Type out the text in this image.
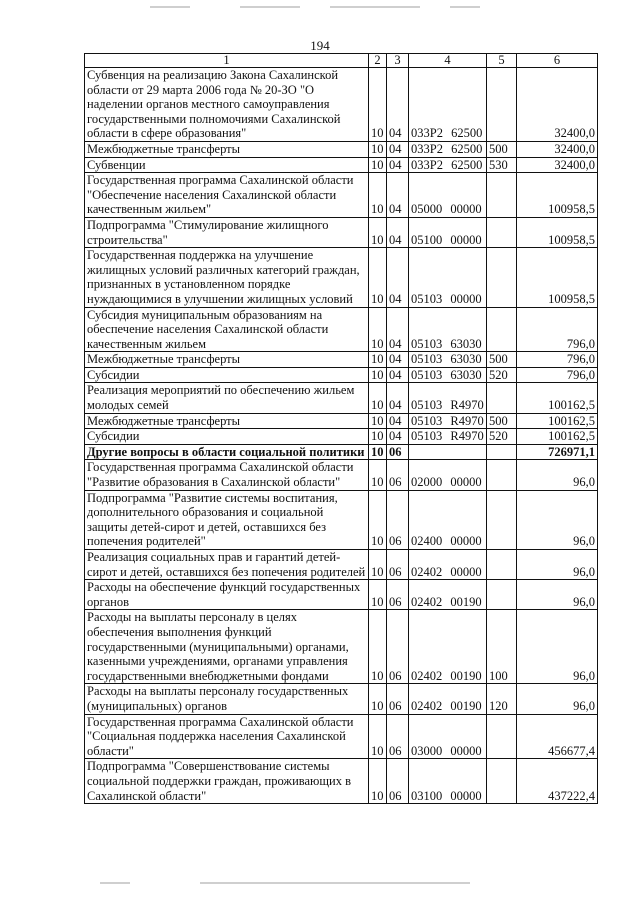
194
1	2	3	4	5	6
Субвенция на реализацию Закона Сахалинской области от 29 марта 2006 года № 20-ЗО "О наделении органов местного самоуправления государственными полномочиями Сахалинской области в сфере образования"	10	04	033Р2 62500		32400,0
Межбюджетные трансферты	10	04	033Р2 62500	500	32400,0
Субвенции	10	04	033Р2 62500	530	32400,0
Государственная программа Сахалинской области "Обеспечение населения Сахалинской области качественным жильем"	10	04	05000 00000		100958,5
Подпрограмма "Стимулирование жилищного строительства"	10	04	05100 00000		100958,5
Государственная поддержка на улучшение жилищных условий различных категорий граждан, признанных в установленном порядке нуждающимися в улучшении жилищных условий	10	04	05103 00000		100958,5
Субсидия муниципальным образованиям на обеспечение населения Сахалинской области качественным жильем	10	04	05103 63030		796,0
Межбюджетные трансферты	10	04	05103 63030	500	796,0
Субсидии	10	04	05103 63030	520	796,0
Реализация мероприятий по обеспечению жильем молодых семей	10	04	05103 R4970		100162,5
Межбюджетные трансферты	10	04	05103 R4970	500	100162,5
Субсидии	10	04	05103 R4970	520	100162,5
Другие вопросы в области социальной политики	10	06			726971,1
Государственная программа Сахалинской области "Развитие образования в Сахалинской области"	10	06	02000 00000		96,0
Подпрограмма "Развитие системы воспитания, дополнительного образования и социальной защиты детей-сирот и детей, оставшихся без попечения родителей"	10	06	02400 00000		96,0
Реализация социальных прав и гарантий детей-сирот и детей, оставшихся без попечения родителей	10	06	02402 00000		96,0
Расходы на обеспечение функций государственных органов	10	06	02402 00190		96,0
Расходы на выплаты персоналу в целях обеспечения выполнения функций государственными (муниципальными) органами, казенными учреждениями, органами управления государственными внебюджетными фондами	10	06	02402 00190	100	96,0
Расходы на выплаты персоналу государственных (муниципальных) органов	10	06	02402 00190	120	96,0
Государственная программа Сахалинской области "Социальная поддержка населения Сахалинской области"	10	06	03000 00000		456677,4
Подпрограмма "Совершенствование системы социальной поддержки граждан, проживающих в Сахалинской области"	10	06	03100 00000		437222,4
